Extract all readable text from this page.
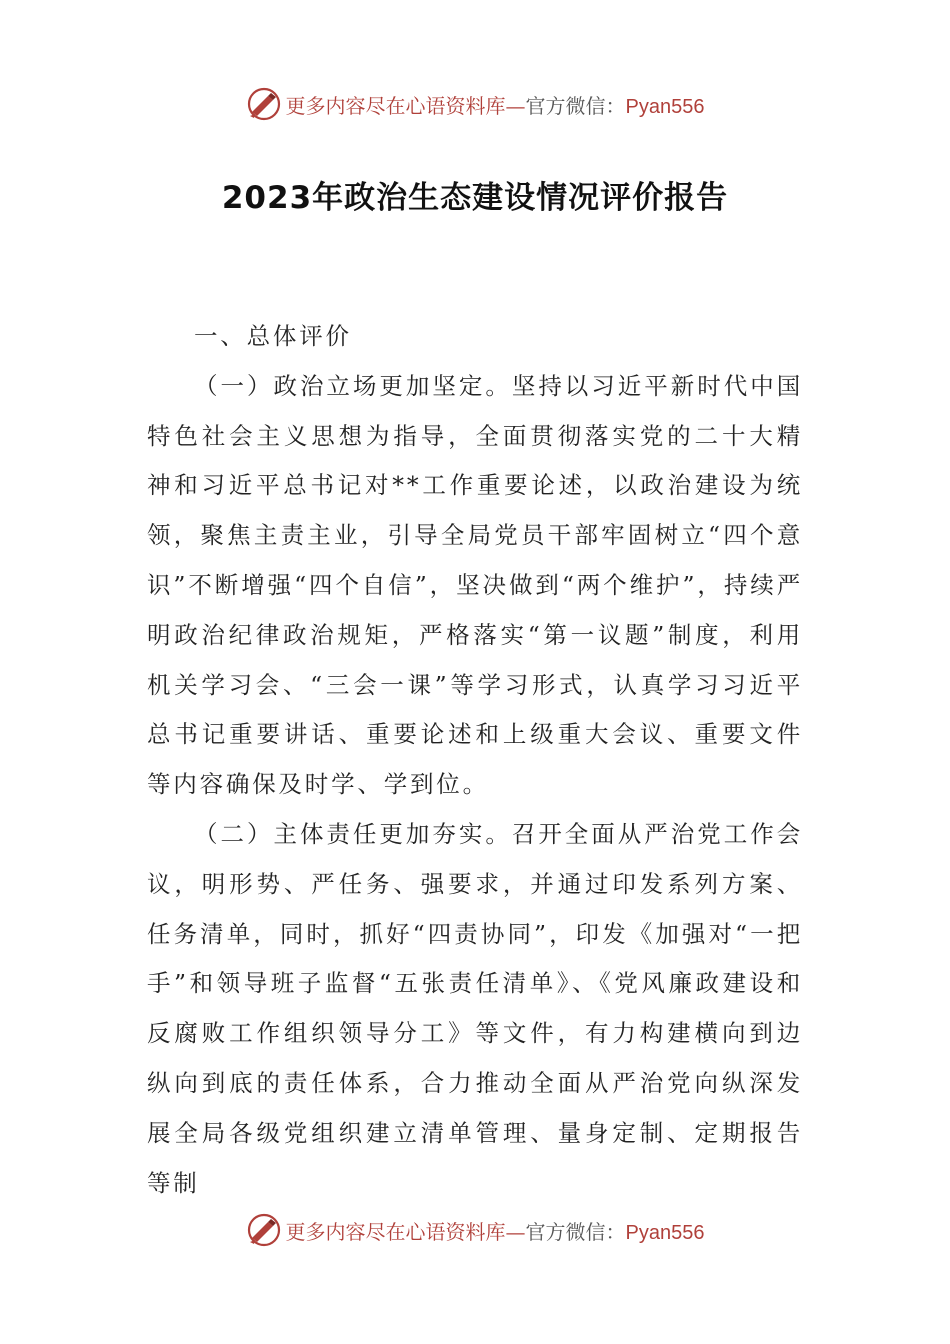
更多内容尽在心语资料库—官方微信：Pyan556
2023年政治生态建设情况评价报告

一、总体评价

（一）政治立场更加坚定。坚持以习近平新时代中国特色社会主义思想为指导，全面贯彻落实党的二十大精神和习近平总书记对**工作重要论述，以政治建设为统领，聚焦主责主业，引导全局党员干部牢固树立“四个意识”不断增强“四个自信”，坚决做到“两个维护”，持续严明政治纪律政治规矩，严格落实“第一议题”制度，利用机关学习会、“三会一课”等学习形式，认真学习习近平总书记重要讲话、重要论述和上级重大会议、重要文件等内容确保及时学、学到位。

（二）主体责任更加夯实。召开全面从严治党工作会议，明形势、严任务、强要求，并通过印发系列方案、任务清单，同时，抓好“四责协同”，印发《加强对“一把手”和领导班子监督“五张责任清单》、《党风廉政建设和反腐败工作组织领导分工》等文件，有力构建横向到边纵向到底的责任体系，合力推动全面从严治党向纵深发展全局各级党组织建立清单管理、量身定制、定期报告等制

更多内容尽在心语资料库—官方微信：Pyan556
